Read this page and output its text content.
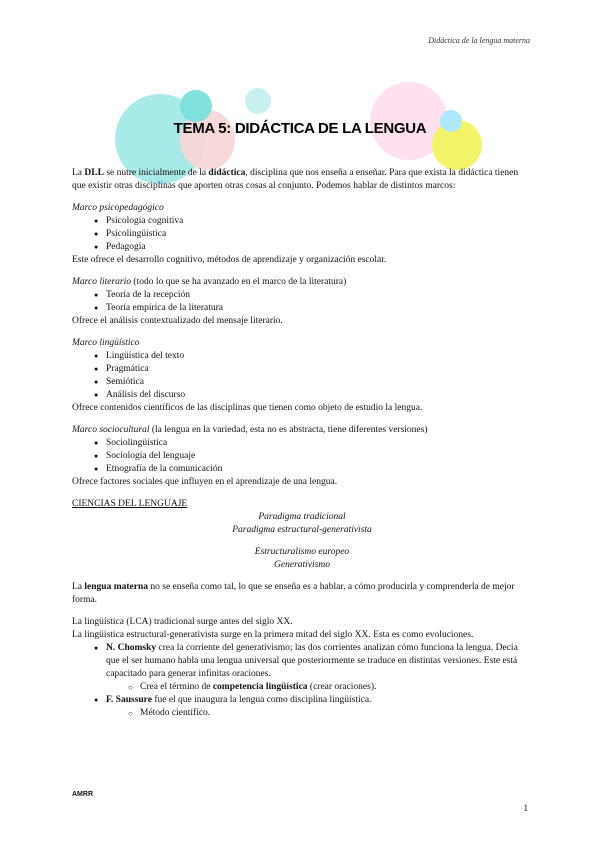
Didáctica de la lengua materna
TEMA 5: DIDÁCTICA DE LA LENGUA

La DLL se nutre inicialmente de la didáctica, disciplina que nos enseña a enseñar. Para que exista la didáctica tienen que existir otras disciplinas que aporten otras cosas al conjunto. Podemos hablar de distintos marcos:

Marco psicopedagógico

● Psicología cognitiva
● Psicolingüística
● Pedagogía

Este ofrece el desarrollo cognitivo, métodos de aprendizaje y organización escolar.

Marco literario (todo lo que se ha avanzado en el marco de la literatura)

● Teoría de la recepción
● Teoría empírica de la literatura

Ofrece el análisis contextualizado del mensaje literario.

Marco lingüístico

● Lingüística del texto
● Pragmática
● Semiótica
● Análisis del discurso

Ofrece contenidos científicos de las disciplinas que tienen como objeto de estudio la lengua.

Marco sociocultural (la lengua en la variedad, esta no es abstracta, tiene diferentes versiones)

● Sociolingüística
● Sociología del lenguaje
● Etnografía de la comunicación

Ofrece factores sociales que influyen en el aprendizaje de una lengua.

CIENCIAS DEL LENGUAJE

Paradigma tradicional

Paradigma estructural-generativista

Estructuralismo europeo

Generativismo

La lengua materna no se enseña como tal, lo que se enseña es a hablar, a cómo producirla y comprenderla de mejor forma.

La lingüística (LCA) tradicional surge antes del siglo XX.

La lingüística estructural-generativista surge en la primera mitad del siglo XX. Esta es como evoluciones.

● N. Chomsky crea la corriente del generativismo; las dos corrientes analizan cómo funciona la lengua. Decía que el ser humano habla una lengua universal que posteriormente se traduce en distintas versiones. Este está capacitado para generar infinitas oraciones.
○ Crea el término de competencia lingüística (crear oraciones).
● F. Saussure fue el que inaugura la lengua como disciplina lingüística.
○ Método científico.
AMRR
1
